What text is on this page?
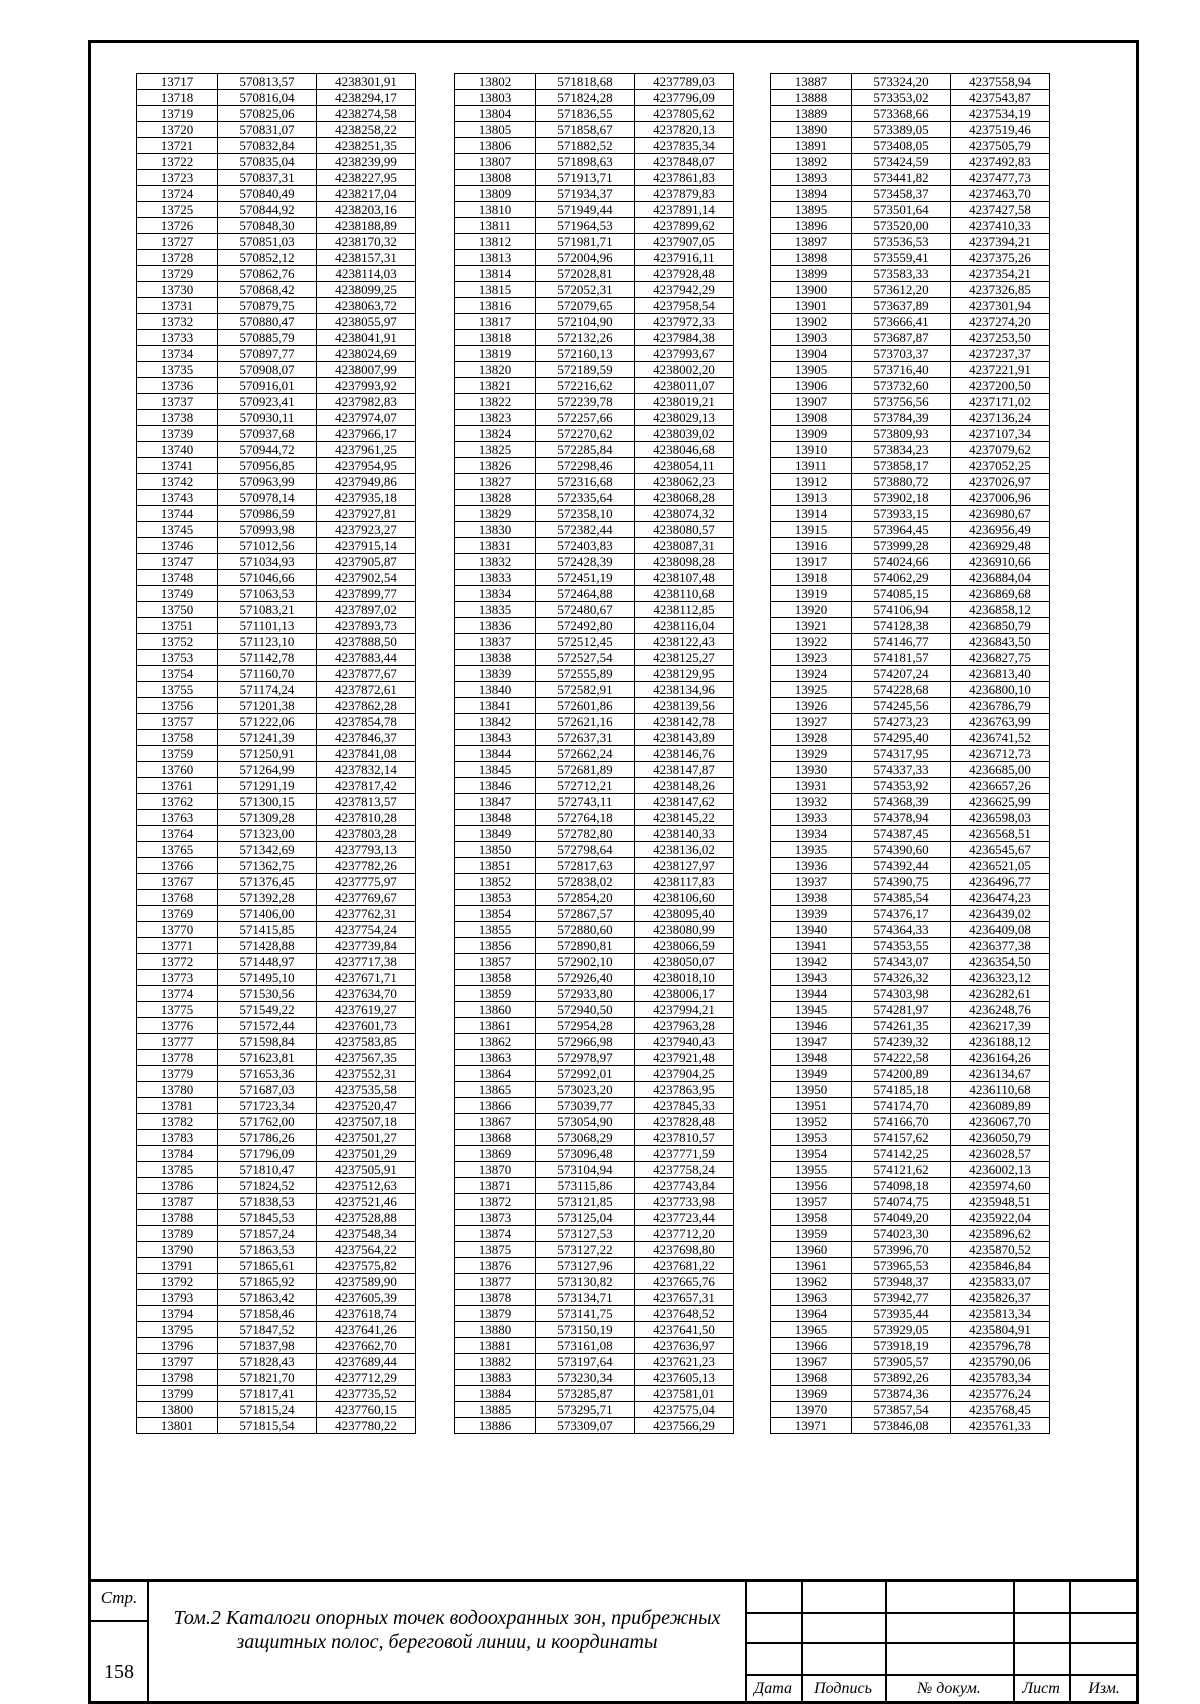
13717	570813,57	4238301,91
13718	570816,04	4238294,17
13719	570825,06	4238274,58
13720	570831,07	4238258,22
13721	570832,84	4238251,35
13722	570835,04	4238239,99
13723	570837,31	4238227,95
13724	570840,49	4238217,04
13725	570844,92	4238203,16
13726	570848,30	4238188,89
13727	570851,03	4238170,32
13728	570852,12	4238157,31
13729	570862,76	4238114,03
13730	570868,42	4238099,25
13731	570879,75	4238063,72
13732	570880,47	4238055,97
13733	570885,79	4238041,91
13734	570897,77	4238024,69
13735	570908,07	4238007,99
13736	570916,01	4237993,92
13737	570923,41	4237982,83
13738	570930,11	4237974,07
13739	570937,68	4237966,17
13740	570944,72	4237961,25
13741	570956,85	4237954,95
13742	570963,99	4237949,86
13743	570978,14	4237935,18
13744	570986,59	4237927,81
13745	570993,98	4237923,27
13746	571012,56	4237915,14
13747	571034,93	4237905,87
13748	571046,66	4237902,54
13749	571063,53	4237899,77
13750	571083,21	4237897,02
13751	571101,13	4237893,73
13752	571123,10	4237888,50
13753	571142,78	4237883,44
13754	571160,70	4237877,67
13755	571174,24	4237872,61
13756	571201,38	4237862,28
13757	571222,06	4237854,78
13758	571241,39	4237846,37
13759	571250,91	4237841,08
13760	571264,99	4237832,14
13761	571291,19	4237817,42
13762	571300,15	4237813,57
13763	571309,28	4237810,28
13764	571323,00	4237803,28
13765	571342,69	4237793,13
13766	571362,75	4237782,26
13767	571376,45	4237775,97
13768	571392,28	4237769,67
13769	571406,00	4237762,31
13770	571415,85	4237754,24
13771	571428,88	4237739,84
13772	571448,97	4237717,38
13773	571495,10	4237671,71
13774	571530,56	4237634,70
13775	571549,22	4237619,27
13776	571572,44	4237601,73
13777	571598,84	4237583,85
13778	571623,81	4237567,35
13779	571653,36	4237552,31
13780	571687,03	4237535,58
13781	571723,34	4237520,47
13782	571762,00	4237507,18
13783	571786,26	4237501,27
13784	571796,09	4237501,29
13785	571810,47	4237505,91
13786	571824,52	4237512,63
13787	571838,53	4237521,46
13788	571845,53	4237528,88
13789	571857,24	4237548,34
13790	571863,53	4237564,22
13791	571865,61	4237575,82
13792	571865,92	4237589,90
13793	571863,42	4237605,39
13794	571858,46	4237618,74
13795	571847,52	4237641,26
13796	571837,98	4237662,70
13797	571828,43	4237689,44
13798	571821,70	4237712,29
13799	571817,41	4237735,52
13800	571815,24	4237760,15
13801	571815,54	4237780,22
13802	571818,68	4237789,03
13803	571824,28	4237796,09
13804	571836,55	4237805,62
13805	571858,67	4237820,13
13806	571882,52	4237835,34
13807	571898,63	4237848,07
13808	571913,71	4237861,83
13809	571934,37	4237879,83
13810	571949,44	4237891,14
13811	571964,53	4237899,62
13812	571981,71	4237907,05
13813	572004,96	4237916,11
13814	572028,81	4237928,48
13815	572052,31	4237942,29
13816	572079,65	4237958,54
13817	572104,90	4237972,33
13818	572132,26	4237984,38
13819	572160,13	4237993,67
13820	572189,59	4238002,20
13821	572216,62	4238011,07
13822	572239,78	4238019,21
13823	572257,66	4238029,13
13824	572270,62	4238039,02
13825	572285,84	4238046,68
13826	572298,46	4238054,11
13827	572316,68	4238062,23
13828	572335,64	4238068,28
13829	572358,10	4238074,32
13830	572382,44	4238080,57
13831	572403,83	4238087,31
13832	572428,39	4238098,28
13833	572451,19	4238107,48
13834	572464,88	4238110,68
13835	572480,67	4238112,85
13836	572492,80	4238116,04
13837	572512,45	4238122,43
13838	572527,54	4238125,27
13839	572555,89	4238129,95
13840	572582,91	4238134,96
13841	572601,86	4238139,56
13842	572621,16	4238142,78
13843	572637,31	4238143,89
13844	572662,24	4238146,76
13845	572681,89	4238147,87
13846	572712,21	4238148,26
13847	572743,11	4238147,62
13848	572764,18	4238145,22
13849	572782,80	4238140,33
13850	572798,64	4238136,02
13851	572817,63	4238127,97
13852	572838,02	4238117,83
13853	572854,20	4238106,60
13854	572867,57	4238095,40
13855	572880,60	4238080,99
13856	572890,81	4238066,59
13857	572902,10	4238050,07
13858	572926,40	4238018,10
13859	572933,80	4238006,17
13860	572940,50	4237994,21
13861	572954,28	4237963,28
13862	572966,98	4237940,43
13863	572978,97	4237921,48
13864	572992,01	4237904,25
13865	573023,20	4237863,95
13866	573039,77	4237845,33
13867	573054,90	4237828,48
13868	573068,29	4237810,57
13869	573096,48	4237771,59
13870	573104,94	4237758,24
13871	573115,86	4237743,84
13872	573121,85	4237733,98
13873	573125,04	4237723,44
13874	573127,53	4237712,20
13875	573127,22	4237698,80
13876	573127,96	4237681,22
13877	573130,82	4237665,76
13878	573134,71	4237657,31
13879	573141,75	4237648,52
13880	573150,19	4237641,50
13881	573161,08	4237636,97
13882	573197,64	4237621,23
13883	573230,34	4237605,13
13884	573285,87	4237581,01
13885	573295,71	4237575,04
13886	573309,07	4237566,29
13887	573324,20	4237558,94
13888	573353,02	4237543,87
13889	573368,66	4237534,19
13890	573389,05	4237519,46
13891	573408,05	4237505,79
13892	573424,59	4237492,83
13893	573441,82	4237477,73
13894	573458,37	4237463,70
13895	573501,64	4237427,58
13896	573520,00	4237410,33
13897	573536,53	4237394,21
13898	573559,41	4237375,26
13899	573583,33	4237354,21
13900	573612,20	4237326,85
13901	573637,89	4237301,94
13902	573666,41	4237274,20
13903	573687,87	4237253,50
13904	573703,37	4237237,37
13905	573716,40	4237221,91
13906	573732,60	4237200,50
13907	573756,56	4237171,02
13908	573784,39	4237136,24
13909	573809,93	4237107,34
13910	573834,23	4237079,62
13911	573858,17	4237052,25
13912	573880,72	4237026,97
13913	573902,18	4237006,96
13914	573933,15	4236980,67
13915	573964,45	4236956,49
13916	573999,28	4236929,48
13917	574024,66	4236910,66
13918	574062,29	4236884,04
13919	574085,15	4236869,68
13920	574106,94	4236858,12
13921	574128,38	4236850,79
13922	574146,77	4236843,50
13923	574181,57	4236827,75
13924	574207,24	4236813,40
13925	574228,68	4236800,10
13926	574245,56	4236786,79
13927	574273,23	4236763,99
13928	574295,40	4236741,52
13929	574317,95	4236712,73
13930	574337,33	4236685,00
13931	574353,92	4236657,26
13932	574368,39	4236625,99
13933	574378,94	4236598,03
13934	574387,45	4236568,51
13935	574390,60	4236545,67
13936	574392,44	4236521,05
13937	574390,75	4236496,77
13938	574385,54	4236474,23
13939	574376,17	4236439,02
13940	574364,33	4236409,08
13941	574353,55	4236377,38
13942	574343,07	4236354,50
13943	574326,32	4236323,12
13944	574303,98	4236282,61
13945	574281,97	4236248,76
13946	574261,35	4236217,39
13947	574239,32	4236188,12
13948	574222,58	4236164,26
13949	574200,89	4236134,67
13950	574185,18	4236110,68
13951	574174,70	4236089,89
13952	574166,70	4236067,70
13953	574157,62	4236050,79
13954	574142,25	4236028,57
13955	574121,62	4236002,13
13956	574098,18	4235974,60
13957	574074,75	4235948,51
13958	574049,20	4235922,04
13959	574023,30	4235896,62
13960	573996,70	4235870,52
13961	573965,53	4235846,84
13962	573948,37	4235833,07
13963	573942,77	4235826,37
13964	573935,44	4235813,34
13965	573929,05	4235804,91
13966	573918,19	4235796,78
13967	573905,57	4235790,06
13968	573892,26	4235783,34
13969	573874,36	4235776,24
13970	573857,54	4235768,45
13971	573846,08	4235761,33
Стр.
158
Том.2 Каталоги опорных точек водоохранных зон, прибрежных защитных полос, береговой линии, и координаты
Дата	Подпись	№ докум.	Лист	Изм.
